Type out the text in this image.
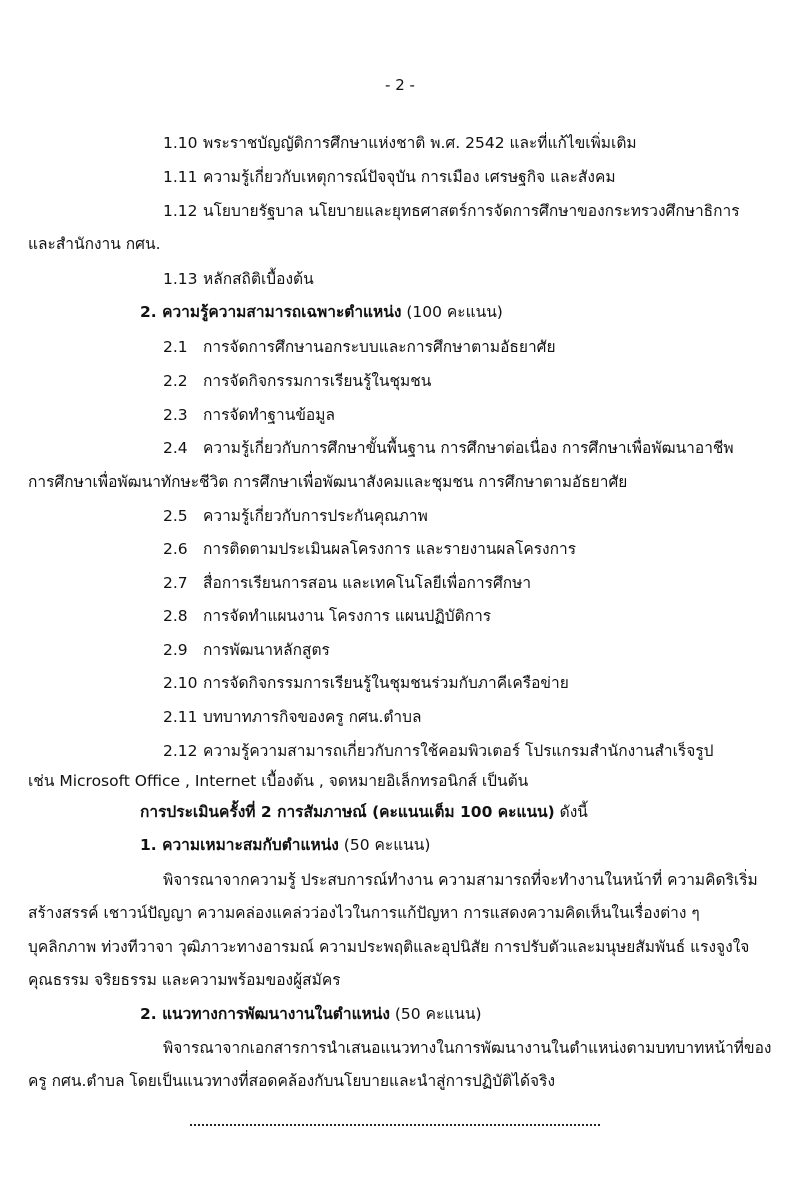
- 2 -
1.10 พระราชบัญญัติการศึกษาแห่งชาติ พ.ศ. 2542 และที่แก้ไขเพิ่มเติม
1.11 ความรู้เกี่ยวกับเหตุการณ์ปัจจุบัน การเมือง เศรษฐกิจ และสังคม
1.12 นโยบายรัฐบาล นโยบายและยุทธศาสตร์การจัดการศึกษาของกระทรวงศึกษาธิการ
และสำนักงาน กศน.
1.13 หลักสถิติเบื้องต้น
2. ความรู้ความสามารถเฉพาะตำแหน่ง (100 คะแนน)
2.1 การจัดการศึกษานอกระบบและการศึกษาตามอัธยาศัย
2.2 การจัดกิจกรรมการเรียนรู้ในชุมชน
2.3 การจัดทำฐานข้อมูล
2.4 ความรู้เกี่ยวกับการศึกษาขั้นพื้นฐาน การศึกษาต่อเนื่อง การศึกษาเพื่อพัฒนาอาชีพ
การศึกษาเพื่อพัฒนาทักษะชีวิต การศึกษาเพื่อพัฒนาสังคมและชุมชน การศึกษาตามอัธยาศัย
2.5 ความรู้เกี่ยวกับการประกันคุณภาพ
2.6 การติดตามประเมินผลโครงการ และรายงานผลโครงการ
2.7 สื่อการเรียนการสอน และเทคโนโลยีเพื่อการศึกษา
2.8 การจัดทำแผนงาน โครงการ แผนปฏิบัติการ
2.9 การพัฒนาหลักสูตร
2.10 การจัดกิจกรรมการเรียนรู้ในชุมชนร่วมกับภาคีเครือข่าย
2.11 บทบาทภารกิจของครู กศน.ตำบล
2.12 ความรู้ความสามารถเกี่ยวกับการใช้คอมพิวเตอร์ โปรแกรมสำนักงานสำเร็จรูป
เช่น Microsoft Office , Internet เบื้องต้น , จดหมายอิเล็กทรอนิกส์ เป็นต้น
การประเมินครั้งที่ 2 การสัมภาษณ์ (คะแนนเต็ม 100 คะแนน) ดังนี้
1. ความเหมาะสมกับตำแหน่ง (50 คะแนน)
พิจารณาจากความรู้ ประสบการณ์ทำงาน ความสามารถที่จะทำงานในหน้าที่ ความคิดริเริ่ม
สร้างสรรค์ เชาวน์ปัญญา ความคล่องแคล่วว่องไวในการแก้ปัญหา การแสดงความคิดเห็นในเรื่องต่าง ๆ
บุคลิกภาพ ท่วงทีวาจา วุฒิภาวะทางอารมณ์ ความประพฤติและอุปนิสัย การปรับตัวและมนุษยสัมพันธ์ แรงจูงใจ
คุณธรรม จริยธรรม และความพร้อมของผู้สมัคร
2. แนวทางการพัฒนางานในตำแหน่ง (50 คะแนน)
พิจารณาจากเอกสารการนำเสนอแนวทางในการพัฒนางานในตำแหน่งตามบทบาทหน้าที่ของ
ครู กศน.ตำบล โดยเป็นแนวทางที่สอดคล้องกับนโยบายและนำสู่การปฏิบัติได้จริง
